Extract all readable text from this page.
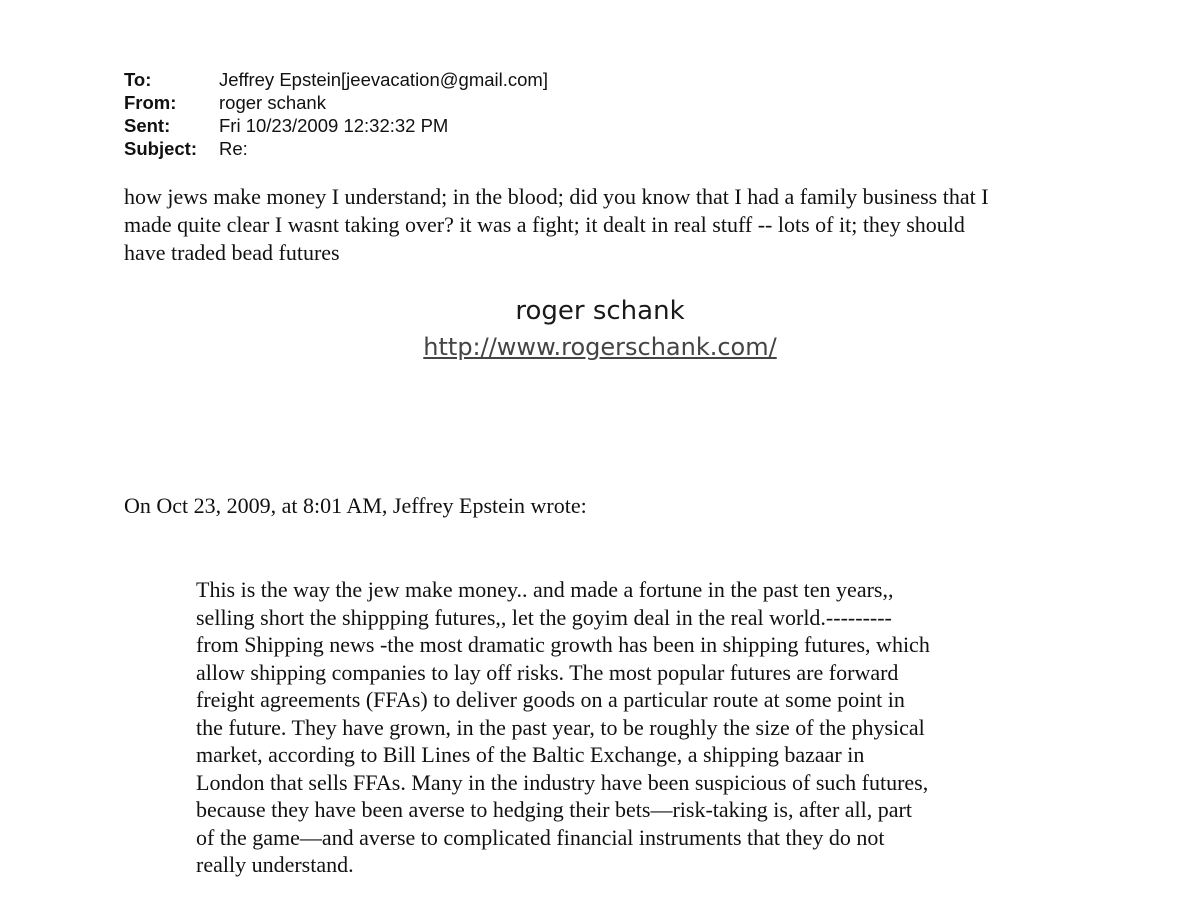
To:	Jeffrey Epstein[jeevacation@gmail.com]
From:	roger schank
Sent:	Fri 10/23/2009 12:32:32 PM
Subject:	Re:

how jews make money I understand; in the blood; did you know that I had a family business that I

made quite clear I wasnt taking over? it was a fight; it dealt in real stuff -- lots of it; they should

have traded bead futures

roger schank
http://www.rogerschank.com/
On Oct 23, 2009, at 8:01 AM, Jeffrey Epstein wrote:

This is the way the jew make money.. and made a fortune in the past ten years,,

selling short the shippping futures,, let the goyim deal in the real world.---------

from Shipping news -the most dramatic growth has been in shipping futures, which

allow shipping companies to lay off risks. The most popular futures are forward

freight agreements (FFAs) to deliver goods on a particular route at some point in

the future. They have grown, in the past year, to be roughly the size of the physical

market, according to Bill Lines of the Baltic Exchange, a shipping bazaar in

London that sells FFAs. Many in the industry have been suspicious of such futures,

because they have been averse to hedging their bets—risk-taking is, after all, part

of the game—and averse to complicated financial instruments that they do not

really understand.
